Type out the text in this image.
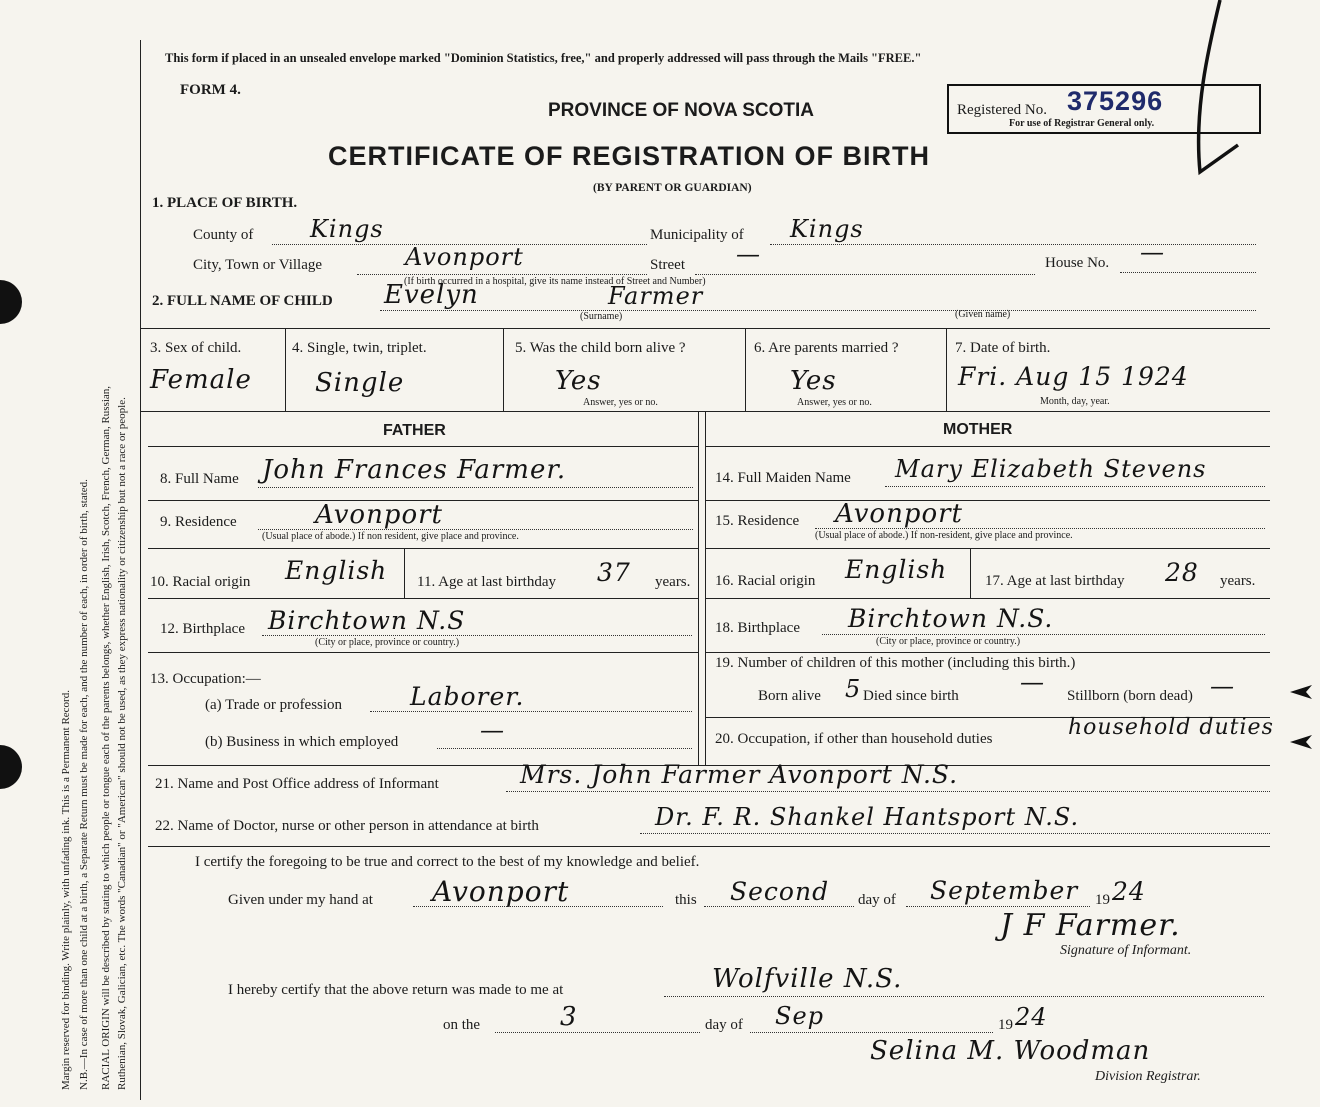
Margin reserved for binding. Write plainly, with unfading ink. This is a Permanent Record. N.B.—In case of more than one child at a birth, a Separate Return must be made for each, and the number of each, in order of birth, stated. RACIAL ORIGIN will be described by stating to which people or tongue each of the parents belongs, whether English, Irish, Scotch, French, German, Russian, Ruthenian, Slovak, Galician, etc. The words "Canadian" or "American" should not be used, as they express nationality or citizenship but not a race or people.
This form if placed in an unsealed envelope marked "Dominion Statistics, free," and properly addressed will pass through the Mails "FREE."
FORM 4.
PROVINCE OF NOVA SCOTIA
CERTIFICATE OF REGISTRATION OF BIRTH
(BY PARENT OR GUARDIAN)
Registered No. 375296
For use of Registrar General only.
1. PLACE OF BIRTH.
County of Kings	Municipality of Kings
City, Town or Village	Avonport	Street —	House No. —
(If birth occurred in a hospital, give its name instead of Street and Number)
2. FULL NAME OF CHILD Evelyn	Farmer
(Surname)	(Given name)
3. Sex of child.
Female
4. Single, twin, triplet.
Single
5. Was the child born alive ?
Yes
Answer, yes or no.
6. Are parents married ?
Yes
Answer, yes or no.
7. Date of birth.
Fri. Aug 15 1924
Month, day, year.
FATHER	MOTHER
8. Full Name John Frances Farmer.	14. Full Maiden Name Mary Elizabeth Stevens
9. Residence	Avonport
(Usual place of abode.) If non resident, give place and province.
15. Residence Avonport
(Usual place of abode.) If non-resident, give place and province.
10. Racial origin English 11. Age at last birthday 37 years. 16. Racial origin English	17. Age at last birthday 28 years.
12. Birthplace Birchtown N.S
(City or place, province or country.)
18. Birthplace Birchtown N.S.
(City or place, province or country.)
13. Occupation:—
(a) Trade or profession	Laborer.
(b) Business in which employed	—
19. Number of children of this mother (including this birth.)
Born alive 5 Died since birth	— Stillborn (born dead) —
20. Occupation, if other than household duties	household duties
21. Name and Post Office address of Informant	Mrs. John Farmer Avonport N.S.
22. Name of Doctor, nurse or other person in attendance at birth	Dr. F. R. Shankel Hantsport N.S.
I certify the foregoing to be true and correct to the best of my knowledge and belief.
Given under my hand at Avonport	this Second day of September 19 24
J F Farmer.
Signature of Informant.
I hereby certify that the above return was made to me at	Wolfville N.S.
on the	3	day of Sep	19 24
Selina M. Woodman
Division Registrar.
